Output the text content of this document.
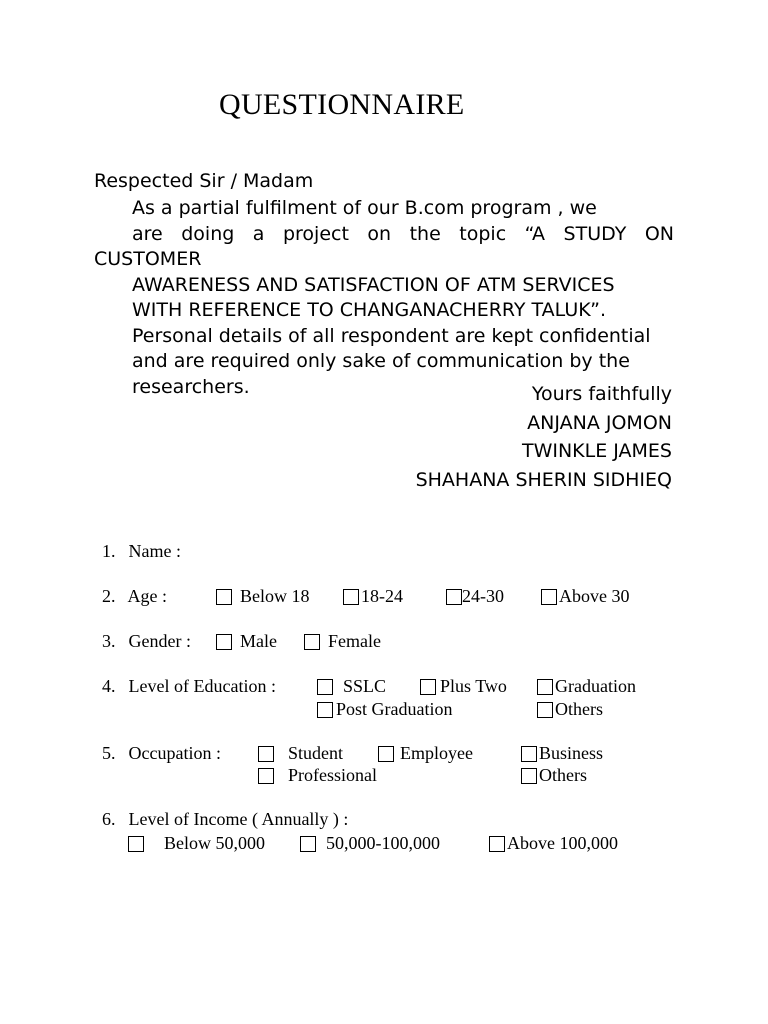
QUESTIONNAIRE
Respected Sir / Madam
As a partial fulfilment of our B.com program , we
are doing a project on the topic “A STUDY ON CUSTOMER
AWARENESS AND SATISFACTION OF ATM SERVICES
WITH REFERENCE TO CHANGANACHERRY TALUK”.
Personal details of all respondent are kept confidential
and are required only sake of communication by the
researchers.	Yours faithfully
ANJANA JOMON
TWINKLE JAMES
SHAHANA SHERIN SIDHIEQ
1. Name :
2. Age :	Below 18	18-24	24-30	Above 30
3. Gender :	Male	Female
4. Level of Education :	SSLC	Plus Two	Graduation
Post Graduation	Others
5. Occupation :	Student	Employee	Business
Professional	Others
6. Level of Income ( Annually ) :
Below 50,000	50,000-100,000	Above 100,000
